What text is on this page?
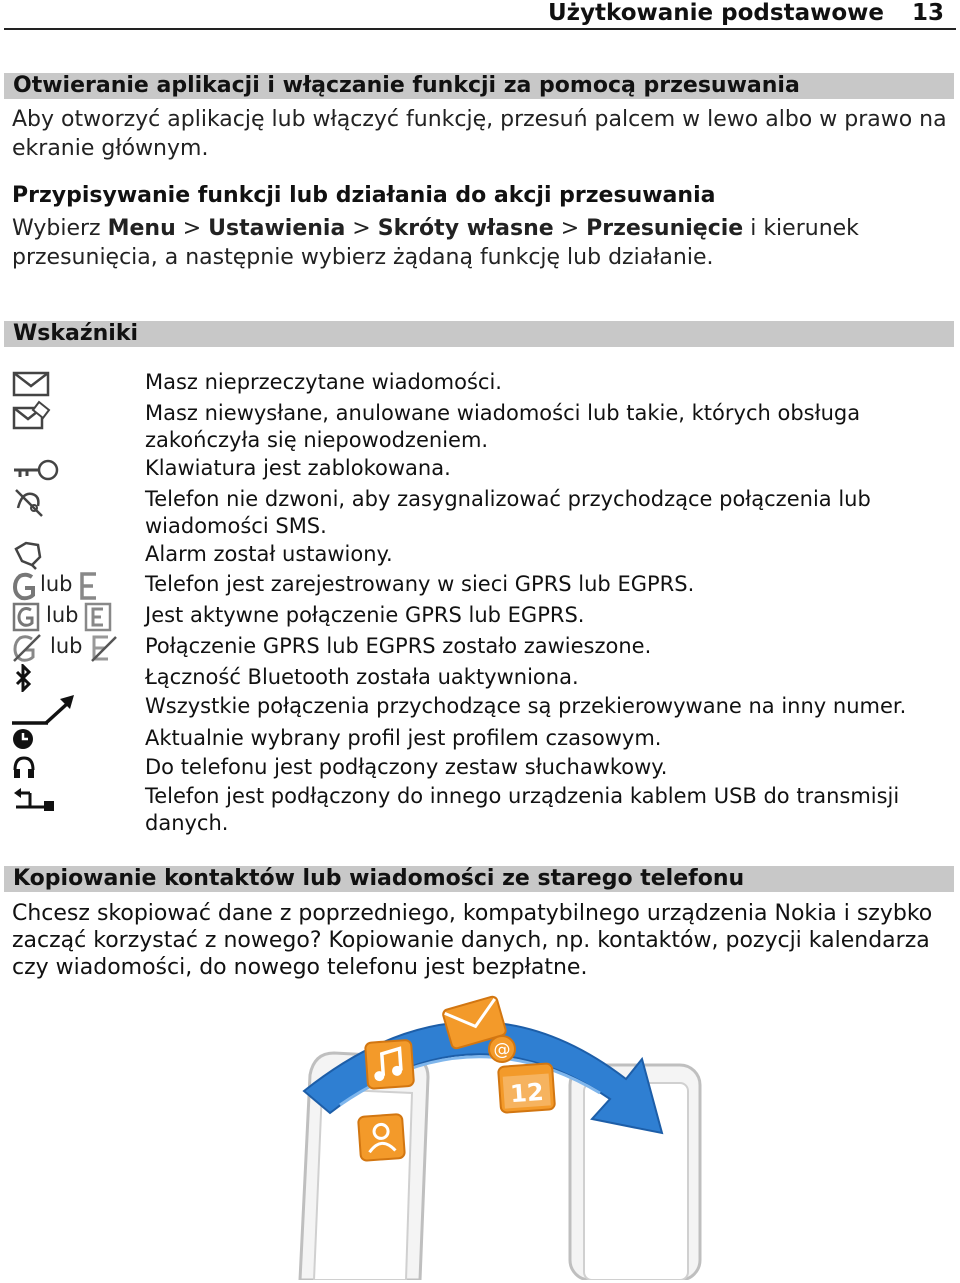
Użytkowanie podstawowe 13
Otwieranie aplikacji i włączanie funkcji za pomocą przesuwania
Aby otworzyć aplikację lub włączyć funkcję, przesuń palcem w lewo albo w prawo na ekranie głównym.
Przypisywanie funkcji lub działania do akcji przesuwania
Wybierz Menu > Ustawienia > Skróty własne > Przesunięcie i kierunek przesunięcia, a następnie wybierz żądaną funkcję lub działanie.
Wskaźniki
Masz nieprzeczytane wiadomości.
Masz niewysłane, anulowane wiadomości lub takie, których obsługa zakończyła się niepowodzeniem.
Klawiatura jest zablokowana.
Telefon nie dzwoni, aby zasygnalizować przychodzące połączenia lub wiadomości SMS.
Alarm został ustawiony.
lub	Telefon jest zarejestrowany w sieci GPRS lub EGPRS.
lub	Jest aktywne połączenie GPRS lub EGPRS.
lub	Połączenie GPRS lub EGPRS zostało zawieszone.
Łączność Bluetooth została uaktywniona.
Wszystkie połączenia przychodzące są przekierowywane na inny numer.
Aktualnie wybrany profil jest profilem czasowym.
Do telefonu jest podłączony zestaw słuchawkowy.
Telefon jest podłączony do innego urządzenia kablem USB do transmisji danych.
Kopiowanie kontaktów lub wiadomości ze starego telefonu
Chcesz skopiować dane z poprzedniego, kompatybilnego urządzenia Nokia i szybko zacząć korzystać z nowego? Kopiowanie danych, np. kontaktów, pozycji kalendarza czy wiadomości, do nowego telefonu jest bezpłatne.
@
12
